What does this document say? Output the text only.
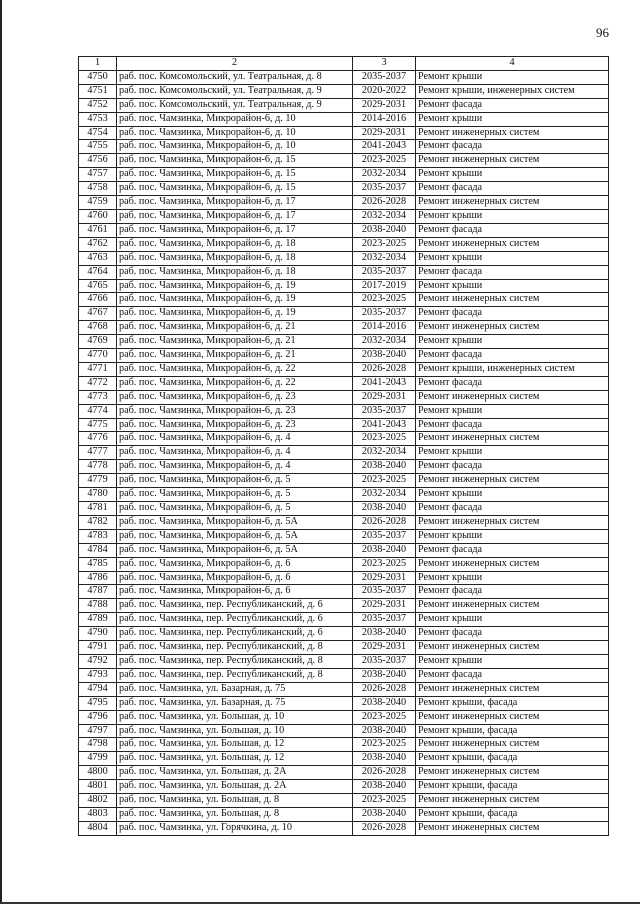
96
1	2	3	4
4750	раб. пос. Комсомольский, ул. Театральная, д. 8	2035-2037	Ремонт крыши
4751	раб. пос. Комсомольский, ул. Театральная, д. 9	2020-2022	Ремонт крыши, инженерных систем
4752	раб. пос. Комсомольский, ул. Театральная, д. 9	2029-2031	Ремонт фасада
4753	раб. пос. Чамзинка, Микрорайон-6, д. 10	2014-2016	Ремонт крыши
4754	раб. пос. Чамзинка, Микрорайон-6, д. 10	2029-2031	Ремонт инженерных систем
4755	раб. пос. Чамзинка, Микрорайон-6, д. 10	2041-2043	Ремонт фасада
4756	раб. пос. Чамзинка, Микрорайон-6, д. 15	2023-2025	Ремонт инженерных систем
4757	раб. пос. Чамзинка, Микрорайон-6, д. 15	2032-2034	Ремонт крыши
4758	раб. пос. Чамзинка, Микрорайон-6, д. 15	2035-2037	Ремонт фасада
4759	раб. пос. Чамзинка, Микрорайон-6, д. 17	2026-2028	Ремонт инженерных систем
4760	раб. пос. Чамзинка, Микрорайон-6, д. 17	2032-2034	Ремонт крыши
4761	раб. пос. Чамзинка, Микрорайон-6, д. 17	2038-2040	Ремонт фасада
4762	раб. пос. Чамзинка, Микрорайон-6, д. 18	2023-2025	Ремонт инженерных систем
4763	раб. пос. Чамзинка, Микрорайон-6, д. 18	2032-2034	Ремонт крыши
4764	раб. пос. Чамзинка, Микрорайон-6, д. 18	2035-2037	Ремонт фасада
4765	раб. пос. Чамзинка, Микрорайон-6, д. 19	2017-2019	Ремонт крыши
4766	раб. пос. Чамзинка, Микрорайон-6, д. 19	2023-2025	Ремонт инженерных систем
4767	раб. пос. Чамзинка, Микрорайон-6, д. 19	2035-2037	Ремонт фасада
4768	раб. пос. Чамзинка, Микрорайон-6, д. 21	2014-2016	Ремонт инженерных систем
4769	раб. пос. Чамзинка, Микрорайон-6, д. 21	2032-2034	Ремонт крыши
4770	раб. пос. Чамзинка, Микрорайон-6, д. 21	2038-2040	Ремонт фасада
4771	раб. пос. Чамзинка, Микрорайон-6, д. 22	2026-2028	Ремонт крыши, инженерных систем
4772	раб. пос. Чамзинка, Микрорайон-6, д. 22	2041-2043	Ремонт фасада
4773	раб. пос. Чамзинка, Микрорайон-6, д. 23	2029-2031	Ремонт инженерных систем
4774	раб. пос. Чамзинка, Микрорайон-6, д. 23	2035-2037	Ремонт крыши
4775	раб. пос. Чамзинка, Микрорайон-6, д. 23	2041-2043	Ремонт фасада
4776	раб. пос. Чамзинка, Микрорайон-6, д. 4	2023-2025	Ремонт инженерных систем
4777	раб. пос. Чамзинка, Микрорайон-6, д. 4	2032-2034	Ремонт крыши
4778	раб. пос. Чамзинка, Микрорайон-6, д. 4	2038-2040	Ремонт фасада
4779	раб. пос. Чамзинка, Микрорайон-6, д. 5	2023-2025	Ремонт инженерных систем
4780	раб. пос. Чамзинка, Микрорайон-6, д. 5	2032-2034	Ремонт крыши
4781	раб. пос. Чамзинка, Микрорайон-6, д. 5	2038-2040	Ремонт фасада
4782	раб. пос. Чамзинка, Микрорайон-6, д. 5А	2026-2028	Ремонт инженерных систем
4783	раб. пос. Чамзинка, Микрорайон-6, д. 5А	2035-2037	Ремонт крыши
4784	раб. пос. Чамзинка, Микрорайон-6, д. 5А	2038-2040	Ремонт фасада
4785	раб. пос. Чамзинка, Микрорайон-6, д. 6	2023-2025	Ремонт инженерных систем
4786	раб. пос. Чамзинка, Микрорайон-6, д. 6	2029-2031	Ремонт крыши
4787	раб. пос. Чамзинка, Микрорайон-6, д. 6	2035-2037	Ремонт фасада
4788	раб. пос. Чамзинка, пер. Республиканский, д. 6	2029-2031	Ремонт инженерных систем
4789	раб. пос. Чамзинка, пер. Республиканский, д. 6	2035-2037	Ремонт крыши
4790	раб. пос. Чамзинка, пер. Республиканский, д. 6	2038-2040	Ремонт фасада
4791	раб. пос. Чамзинка, пер. Республиканский, д. 8	2029-2031	Ремонт инженерных систем
4792	раб. пос. Чамзинка, пер. Республиканский, д. 8	2035-2037	Ремонт крыши
4793	раб. пос. Чамзинка, пер. Республиканский, д. 8	2038-2040	Ремонт фасада
4794	раб. пос. Чамзинка, ул. Базарная, д. 75	2026-2028	Ремонт инженерных систем
4795	раб. пос. Чамзинка, ул. Базарная, д. 75	2038-2040	Ремонт крыши, фасада
4796	раб. пос. Чамзинка, ул. Большая, д. 10	2023-2025	Ремонт инженерных систем
4797	раб. пос. Чамзинка, ул. Большая, д. 10	2038-2040	Ремонт крыши, фасада
4798	раб. пос. Чамзинка, ул. Большая, д. 12	2023-2025	Ремонт инженерных систем
4799	раб. пос. Чамзинка, ул. Большая, д. 12	2038-2040	Ремонт крыши, фасада
4800	раб. пос. Чамзинка, ул. Большая, д. 2А	2026-2028	Ремонт инженерных систем
4801	раб. пос. Чамзинка, ул. Большая, д. 2А	2038-2040	Ремонт крыши, фасада
4802	раб. пос. Чамзинка, ул. Большая, д. 8	2023-2025	Ремонт инженерных систем
4803	раб. пос. Чамзинка, ул. Большая, д. 8	2038-2040	Ремонт крыши, фасада
4804	раб. пос. Чамзинка, ул. Горячкина, д. 10	2026-2028	Ремонт инженерных систем
